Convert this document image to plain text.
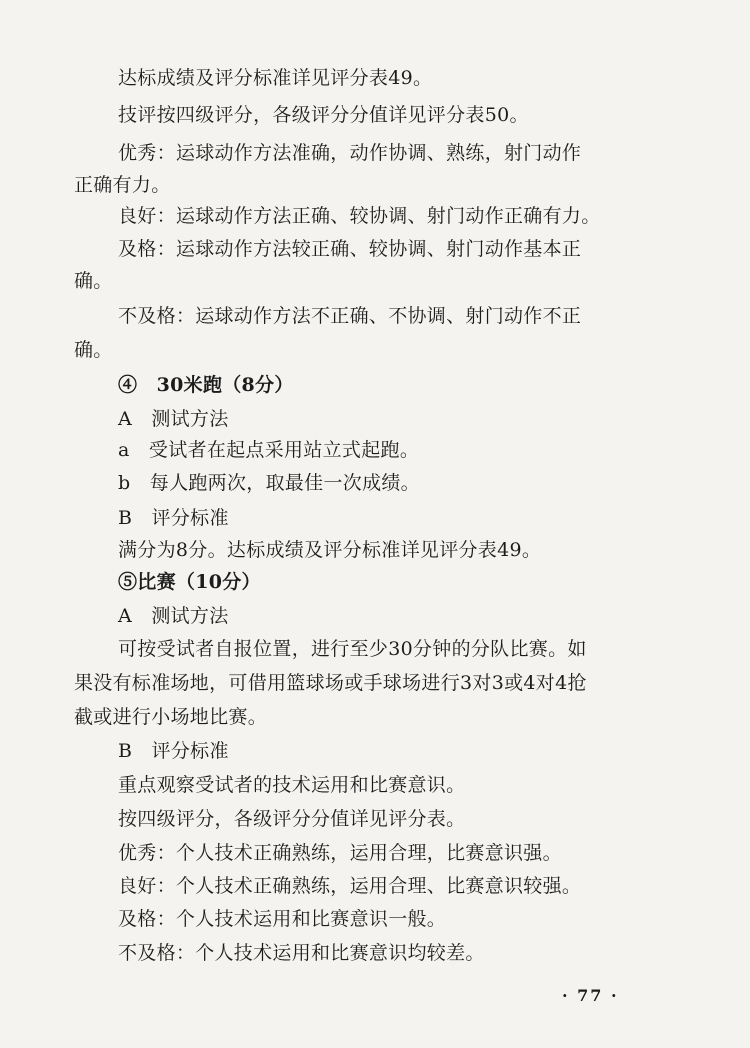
达标成绩及评分标准详见评分表49。
技评按四级评分，各级评分分值详见评分表50。
优秀：运球动作方法准确，动作协调、熟练，射门动作
正确有力。
良好：运球动作方法正确、较协调、射门动作正确有力。
及格：运球动作方法较正确、较协调、射门动作基本正
确。
不及格：运球动作方法不正确、不协调、射门动作不正
确。
④　30米跑（8分）
A　测试方法
a　受试者在起点采用站立式起跑。
b　每人跑两次，取最佳一次成绩。
B　评分标准
满分为8分。达标成绩及评分标准详见评分表49。
⑤比赛（10分）
A　测试方法
可按受试者自报位置，进行至少30分钟的分队比赛。如
果没有标准场地，可借用篮球场或手球场进行3对3或4对4抢
截或进行小场地比赛。
B　评分标准
重点观察受试者的技术运用和比赛意识。
按四级评分，各级评分分值详见评分表。
优秀：个人技术正确熟练，运用合理，比赛意识强。
良好：个人技术正确熟练，运用合理、比赛意识较强。
及格：个人技术运用和比赛意识一般。
不及格：个人技术运用和比赛意识均较差。
· 77 ·
